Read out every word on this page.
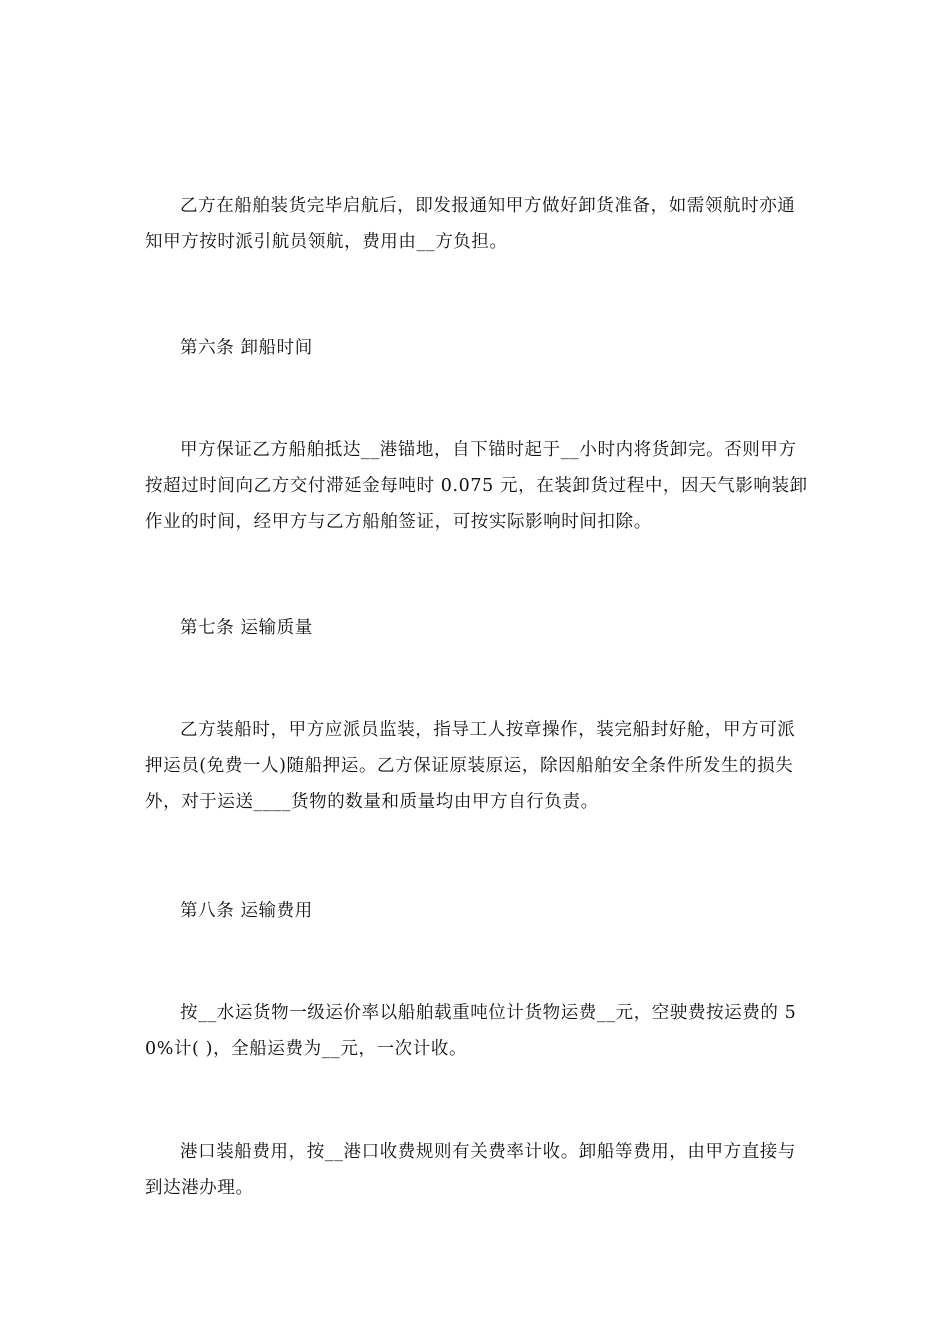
乙方在船舶装货完毕启航后，即发报通知甲方做好卸货准备，如需领航时亦通知甲方按时派引航员领航，费用由__方负担。
第六条 卸船时间
甲方保证乙方船舶抵达__港锚地，自下锚时起于__小时内将货卸完。否则甲方按超过时间向乙方交付滞延金每吨时 0.075 元，在装卸货过程中，因天气影响装卸作业的时间，经甲方与乙方船舶签证，可按实际影响时间扣除。
第七条 运输质量
乙方装船时，甲方应派员监装，指导工人按章操作，装完船封好舱，甲方可派押运员(免费一人)随船押运。乙方保证原装原运，除因船舶安全条件所发生的损失外，对于运送____货物的数量和质量均由甲方自行负责。
第八条 运输费用
按__水运货物一级运价率以船舶载重吨位计货物运费__元，空驶费按运费的 50%计( )，全船运费为__元，一次计收。
港口装船费用，按__港口收费规则有关费率计收。卸船等费用，由甲方直接与到达港办理。
